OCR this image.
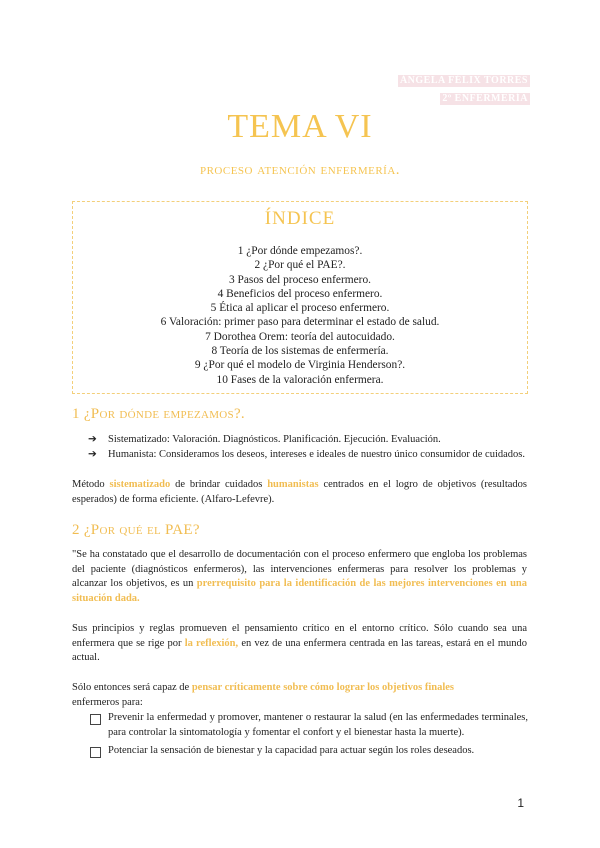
ÁNGELA FÉLIX TORRES
2º ENFERMERÍA
TEMA VI
proceso atención enfermería.
ÍNDICE
1 ¿Por dónde empezamos?.
2 ¿Por qué el PAE?.
3 Pasos del proceso enfermero.
4 Beneficios del proceso enfermero.
5 Ética al aplicar el proceso enfermero.
6 Valoración: primer paso para determinar el estado de salud.
7 Dorothea Orem: teoría del autocuidado.
8 Teoría de los sistemas de enfermería.
9 ¿Por qué el modelo de Virginia Henderson?.
10 Fases de la valoración enfermera.
1 ¿Por dónde empezamos?.
➔ Sistematizado: Valoración. Diagnósticos. Planificación. Ejecución. Evaluación.
➔ Humanista: Consideramos los deseos, intereses e ideales de nuestro único consumidor de cuidados.

Método sistematizado de brindar cuidados humanistas centrados en el logro de objetivos (resultados esperados) de forma eficiente. (Alfaro-Lefevre).

2 ¿Por qué el PAE?

"Se ha constatado que el desarrollo de documentación con el proceso enfermero que engloba los problemas del paciente (diagnósticos enfermeros), las intervenciones enfermeras para resolver los problemas y alcanzar los objetivos, es un prerrequisito para la identificación de las mejores intervenciones en una situación dada.

Sus principios y reglas promueven el pensamiento crítico en el entorno crítico. Sólo cuando sea una enfermera que se rige por la reflexión, en vez de una enfermera centrada en las tareas, estará en el mundo actual.

Sólo entonces será capaz de pensar críticamente sobre cómo lograr los objetivos finales
enfermeros para:

Prevenir la enfermedad y promover, mantener o restaurar la salud (en las enfermedades terminales, para controlar la sintomatología y fomentar el confort y el bienestar hasta la muerte).
Potenciar la sensación de bienestar y la capacidad para actuar según los roles deseados.
1
